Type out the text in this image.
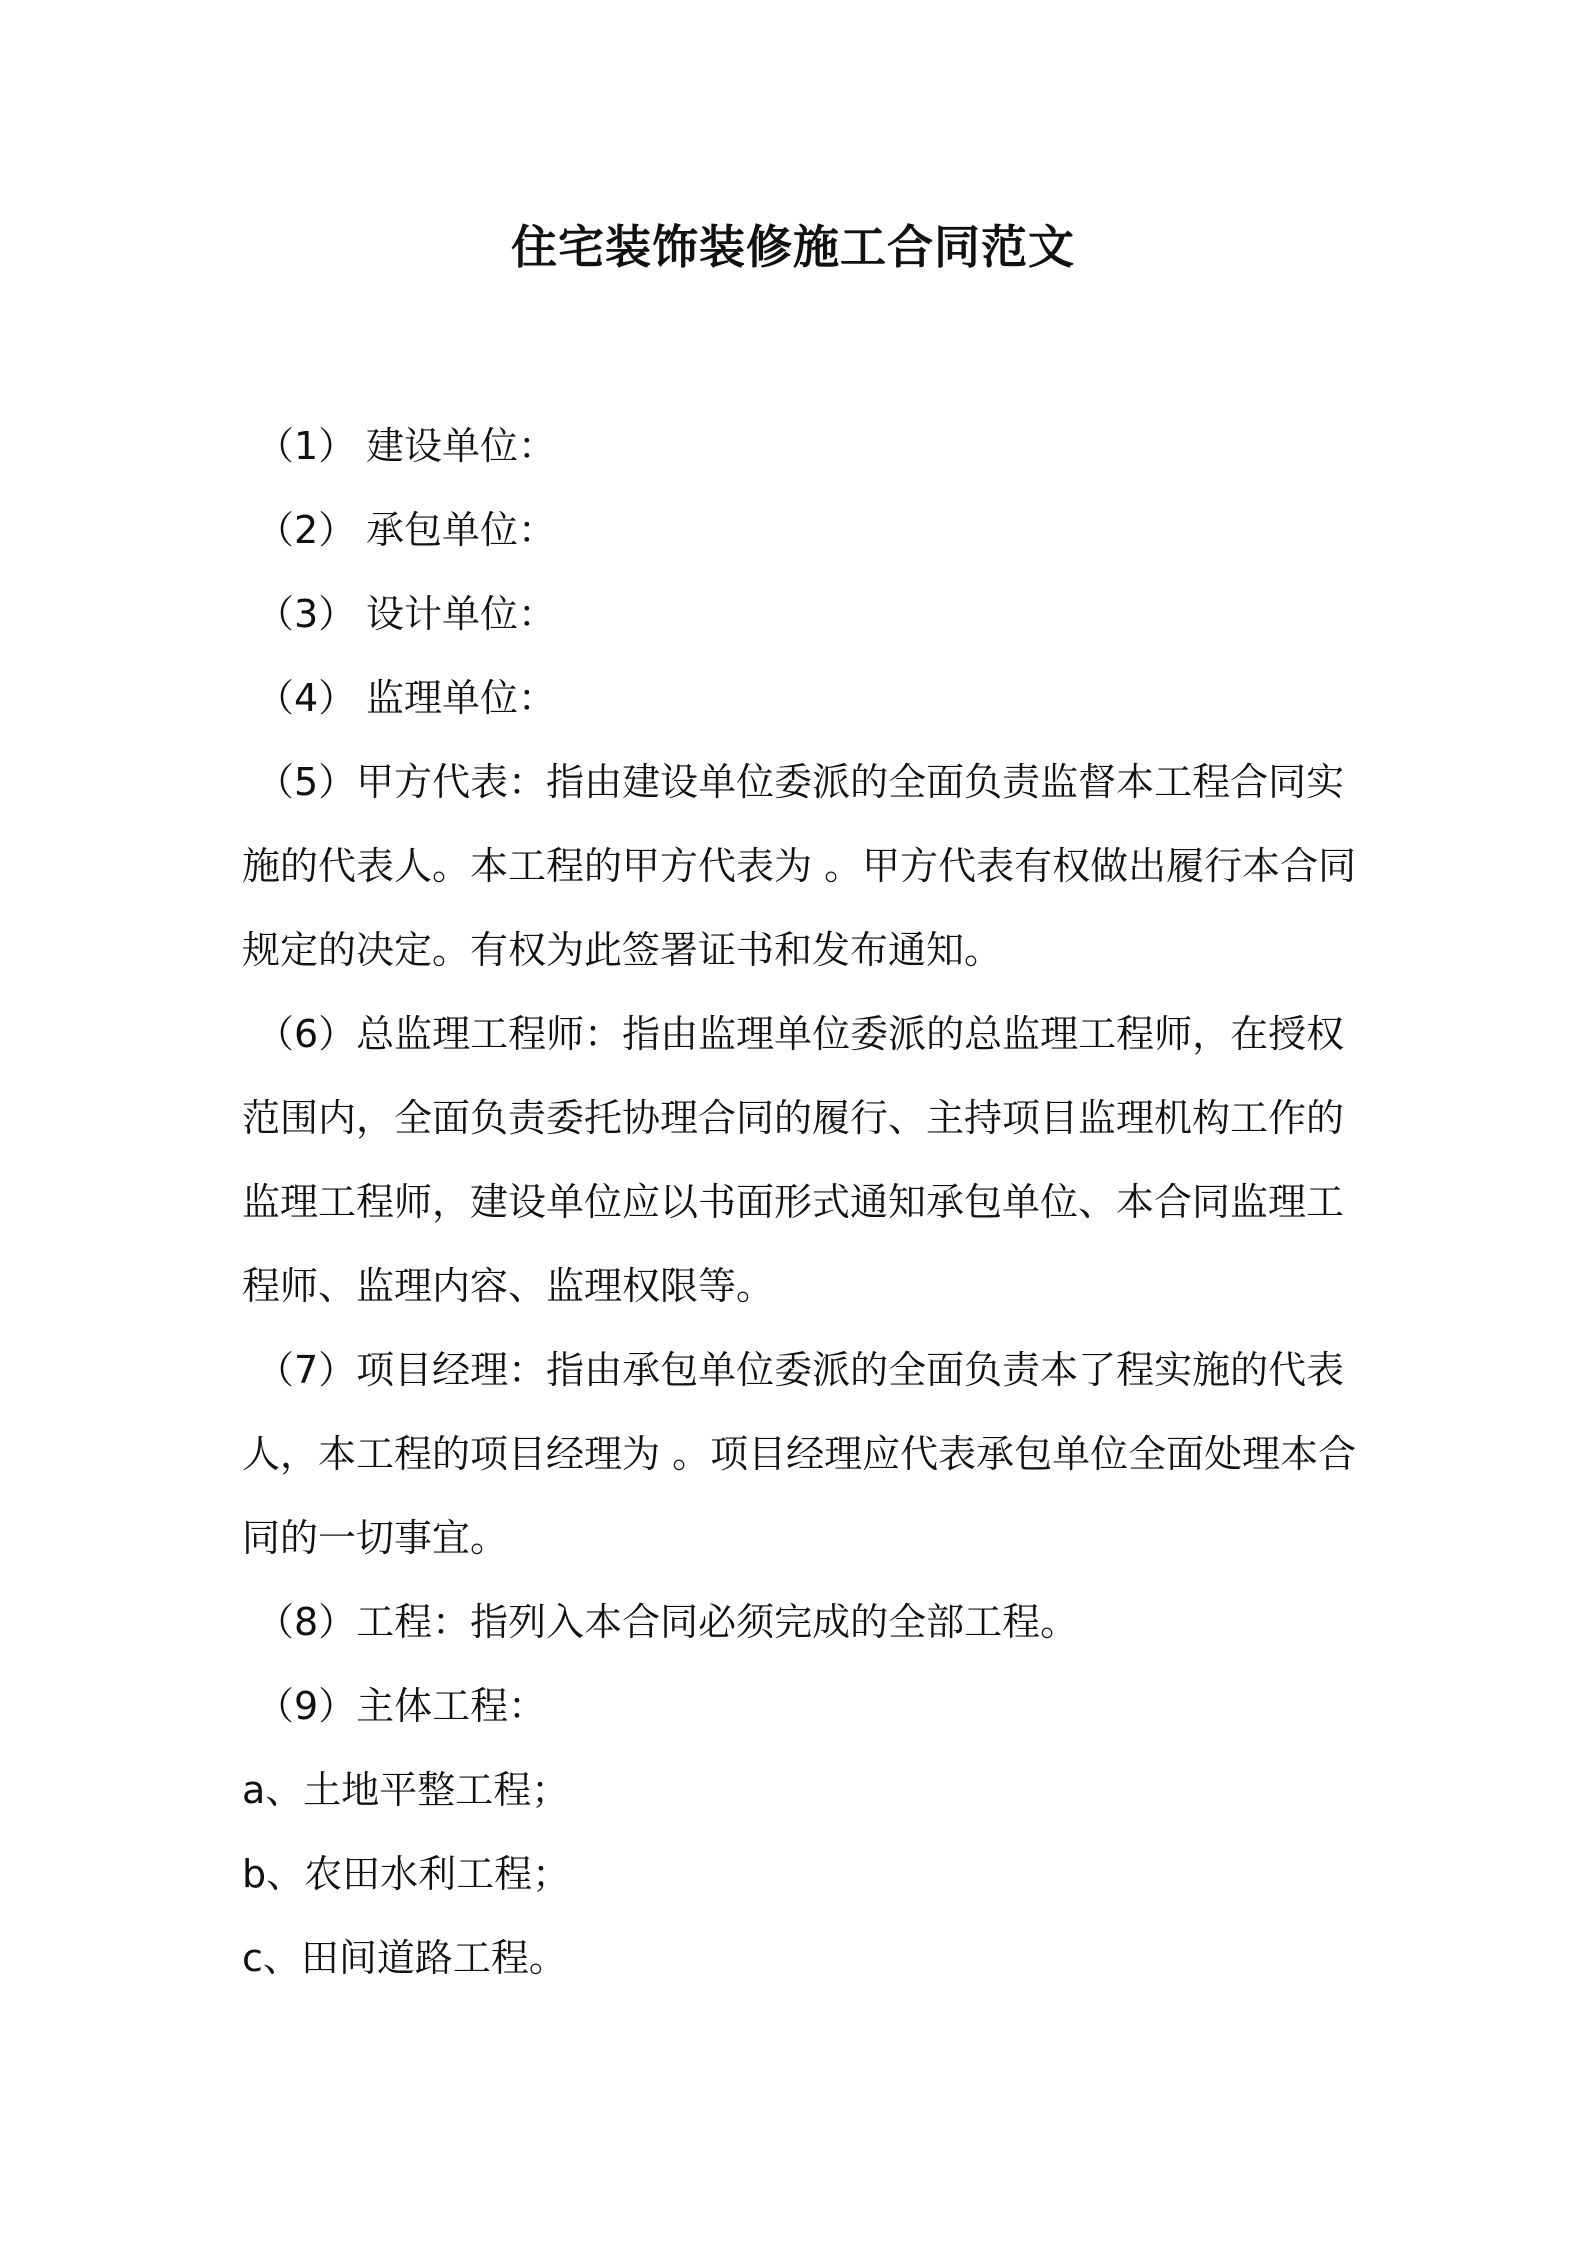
住宅装饰装修施工合同范文

（1） 建设单位：

（2） 承包单位：

（3） 设计单位：

（4） 监理单位：

（5）甲方代表：指由建设单位委派的全面负责监督本工程合同实施的代表人。本工程的甲方代表为 。甲方代表有权做出履行本合同规定的决定。有权为此签署证书和发布通知。

（6）总监理工程师：指由监理单位委派的总监理工程师，在授权范围内，全面负责委托协理合同的履行、主持项目监理机构工作的监理工程师，建设单位应以书面形式通知承包单位、本合同监理工程师、监理内容、监理权限等。

（7）项目经理：指由承包单位委派的全面负责本了程实施的代表人，本工程的项目经理为 。项目经理应代表承包单位全面处理本合同的一切事宜。

（8）工程：指列入本合同必须完成的全部工程。

（9）主体工程：

a、土地平整工程；

b、农田水利工程；

c、田间道路工程。
